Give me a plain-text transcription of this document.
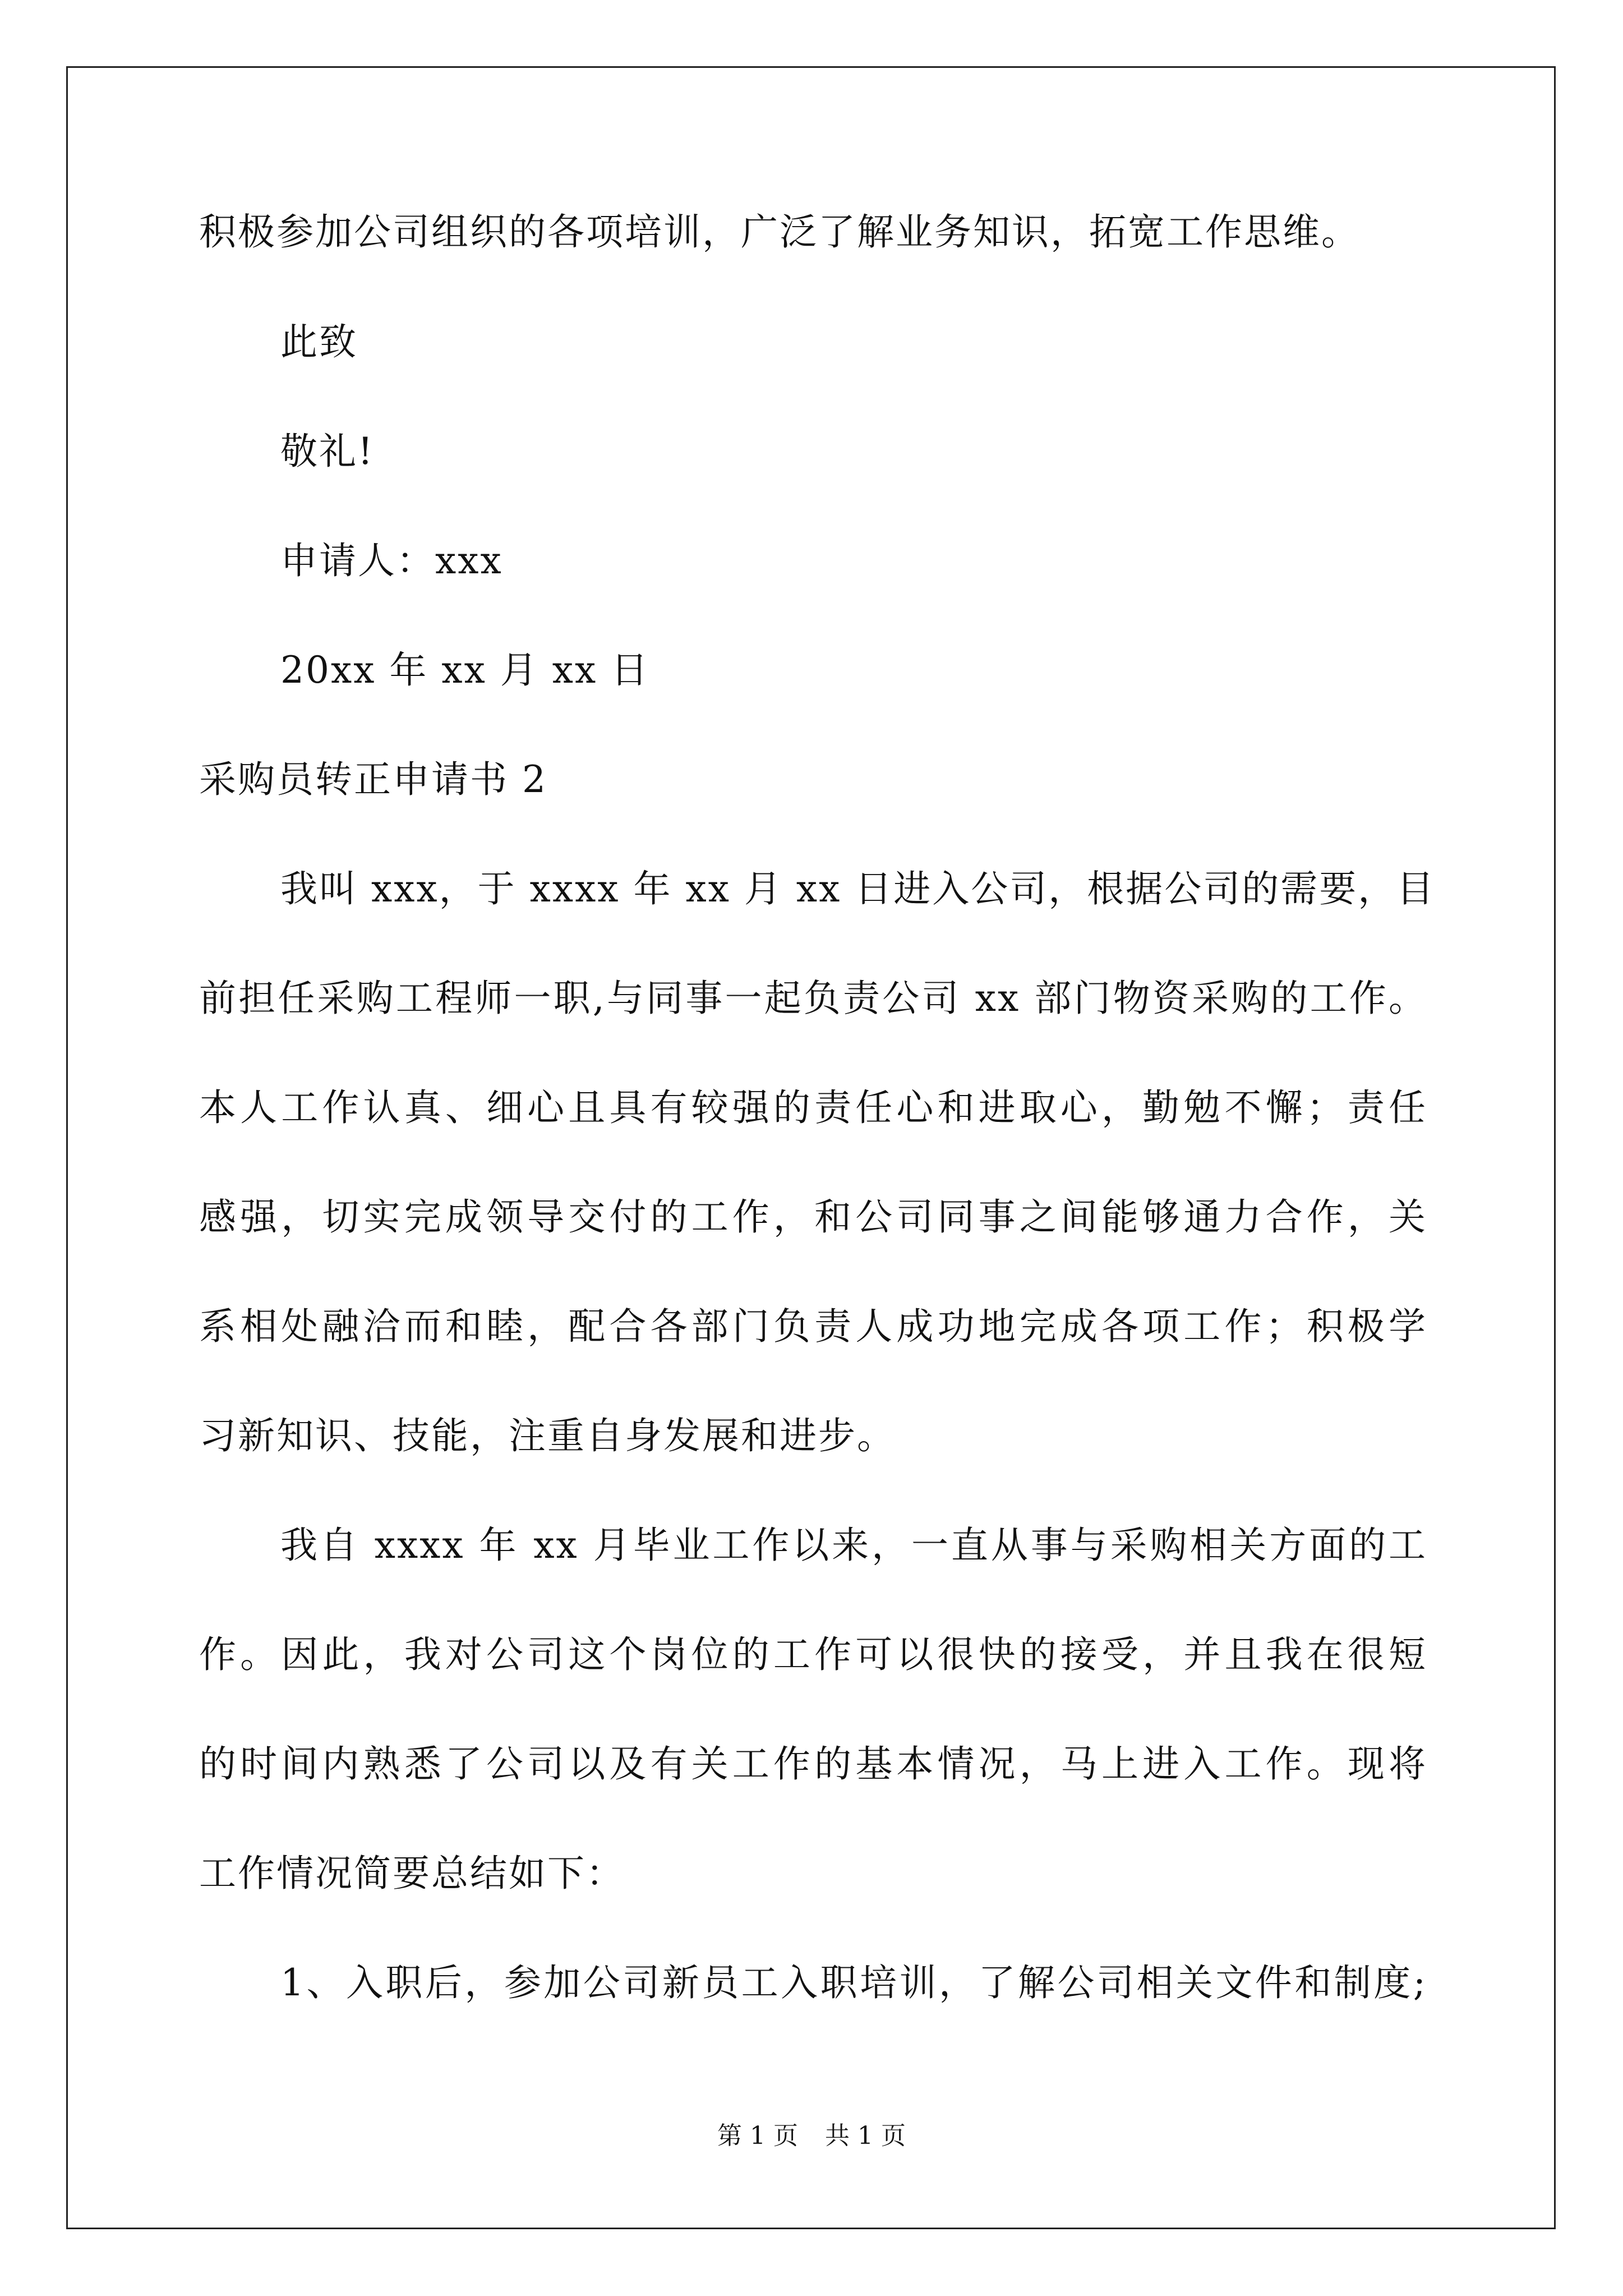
积极参加公司组织的各项培训，广泛了解业务知识，拓宽工作思维。
此致
敬礼!
申请人：xxx
20xx 年 xx 月 xx 日
采购员转正申请书 2
我叫 xxx，于 xxxx 年 xx 月 xx 日进入公司，根据公司的需要，目
前担任采购工程师一职,与同事一起负责公司 xx 部门物资采购的工作。
本人工作认真、细心且具有较强的责任心和进取心，勤勉不懈；责任
感强，切实完成领导交付的工作，和公司同事之间能够通力合作，关
系相处融洽而和睦，配合各部门负责人成功地完成各项工作；积极学
习新知识、技能，注重自身发展和进步。
我自 xxxx 年 xx 月毕业工作以来，一直从事与采购相关方面的工
作。因此，我对公司这个岗位的工作可以很快的接受，并且我在很短
的时间内熟悉了公司以及有关工作的基本情况，马上进入工作。现将
工作情况简要总结如下：
1、入职后，参加公司新员工入职培训，了解公司相关文件和制度;
第 1 页 共 1 页
